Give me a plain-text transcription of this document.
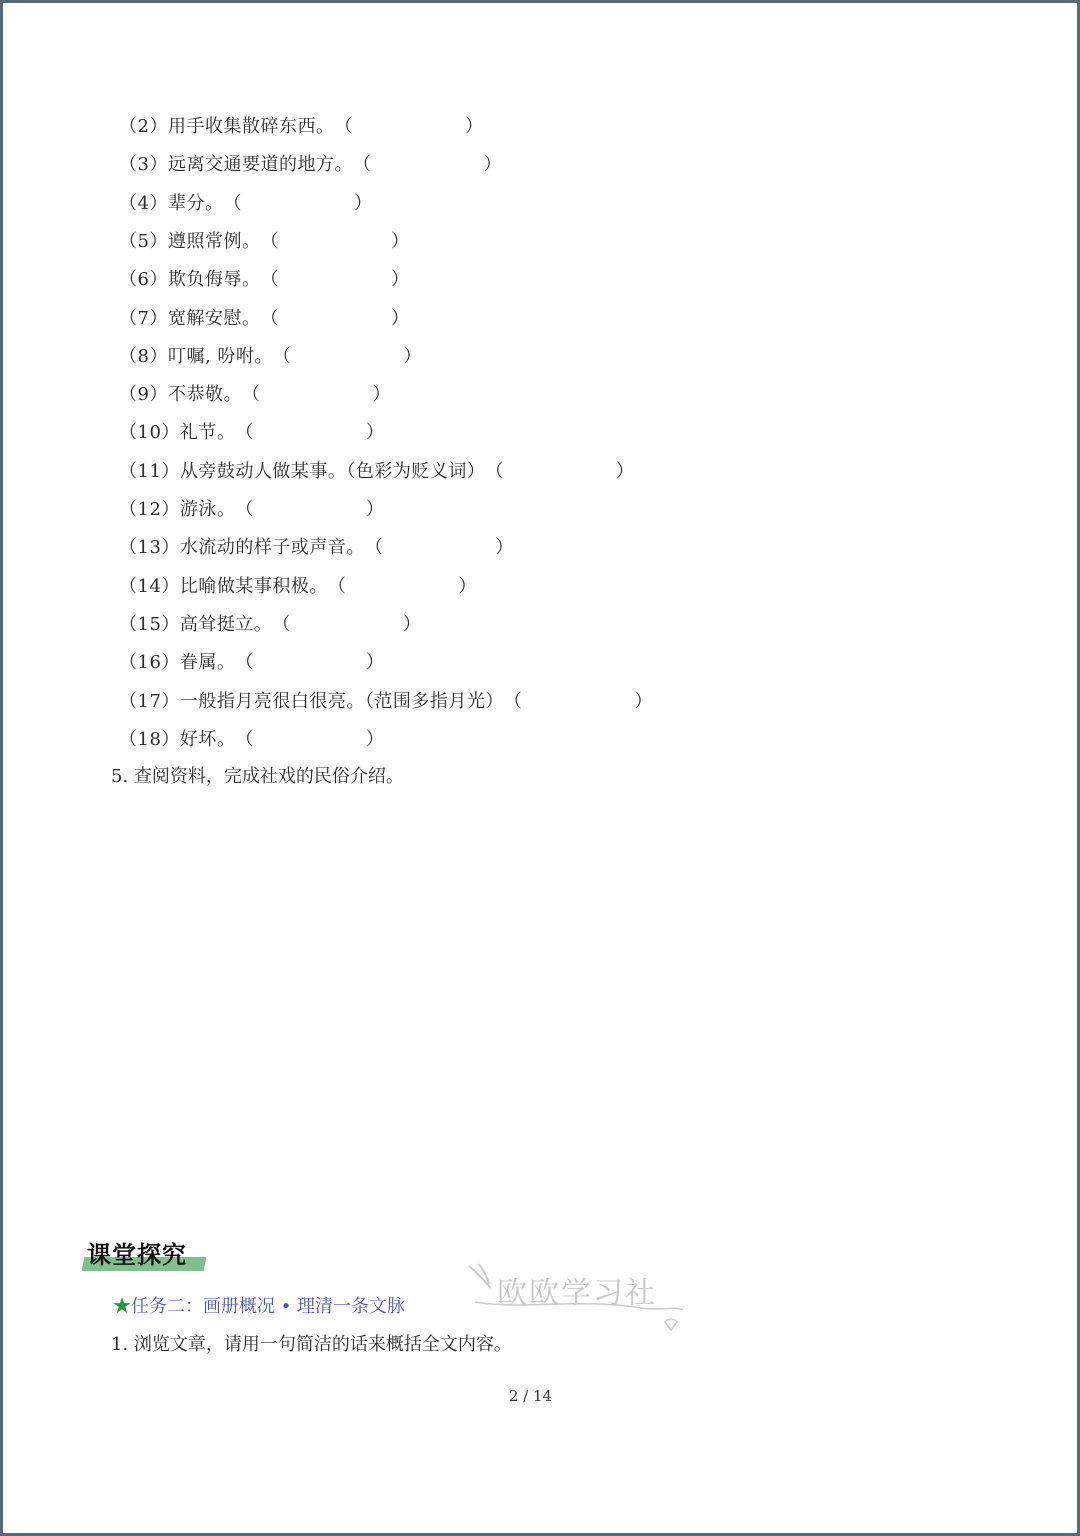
（2）用手收集散碎东西。（	）
（3）远离交通要道的地方。（	）
（4）辈分。（	）
（5）遵照常例。（	）
（6）欺负侮辱。（	）
（7）宽解安慰。（	）
（8）叮嘱, 吩咐。（	）
（9）不恭敬。（	）
（10）礼节。（	）
（11）从旁鼓动人做某事。（色彩为贬义词）（	）
（12）游泳。（	）
（13）水流动的样子或声音。（	）
（14）比喻做某事积极。（	）
（15）高耸挺立。（	）
（16）眷属。（	）
（17）一般指月亮很白很亮。（范围多指月光）（	）
（18）好坏。（	）
5. 查阅资料，完成社戏的民俗介绍。
课堂探究
★任务二：画册概况 • 理清一条文脉
1. 浏览文章，请用一句简洁的话来概括全文内容。
欧欧学习社
2 / 14
